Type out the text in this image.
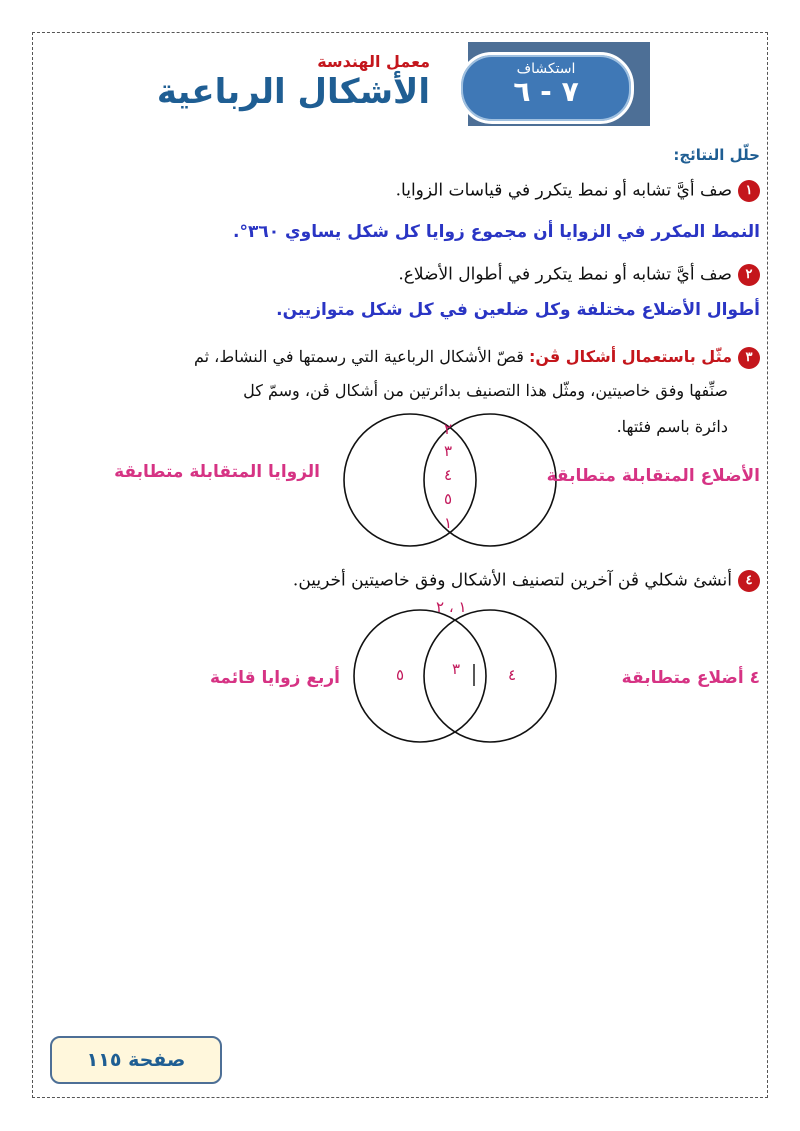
معمل الهندسة
الأشكال الرباعية
استكشاف
٧ - ٦
حلّل النتائج:
١صف أيَّ تشابه أو نمط يتكرر في قياسات الزوايا.
النمط المكرر في الزوايا أن مجموع زوايا كل شكل يساوي ٣٦٠°.
٢صف أيَّ تشابه أو نمط يتكرر في أطوال الأضلاع.
أطوال الأضلاع مختلفة وكل ضلعين في كل شكل متوازيين.
٣مثّل باستعمال أشكال ڤن: قصّ الأشكال الرباعية التي رسمتها في النشاط، ثم
صنِّفها وفق خاصيتين، ومثّل هذا التصنيف بدائرتين من أشكال ڤن، وسمّ كل
دائرة باسم فئتها.
الزوايا المتقابلة متطابقة	الأضلاع المتقابلة متطابقة
٢
٣
٤
٥
١
٤أنشئ شكلي ڤن آخرين لتصنيف الأشكال وفق خاصيتين أخريين.
أربع زوايا قائمة	٤ أضلاع متطابقة
١ ، ٢
٥	٣	٤
صفحة ١١٥
